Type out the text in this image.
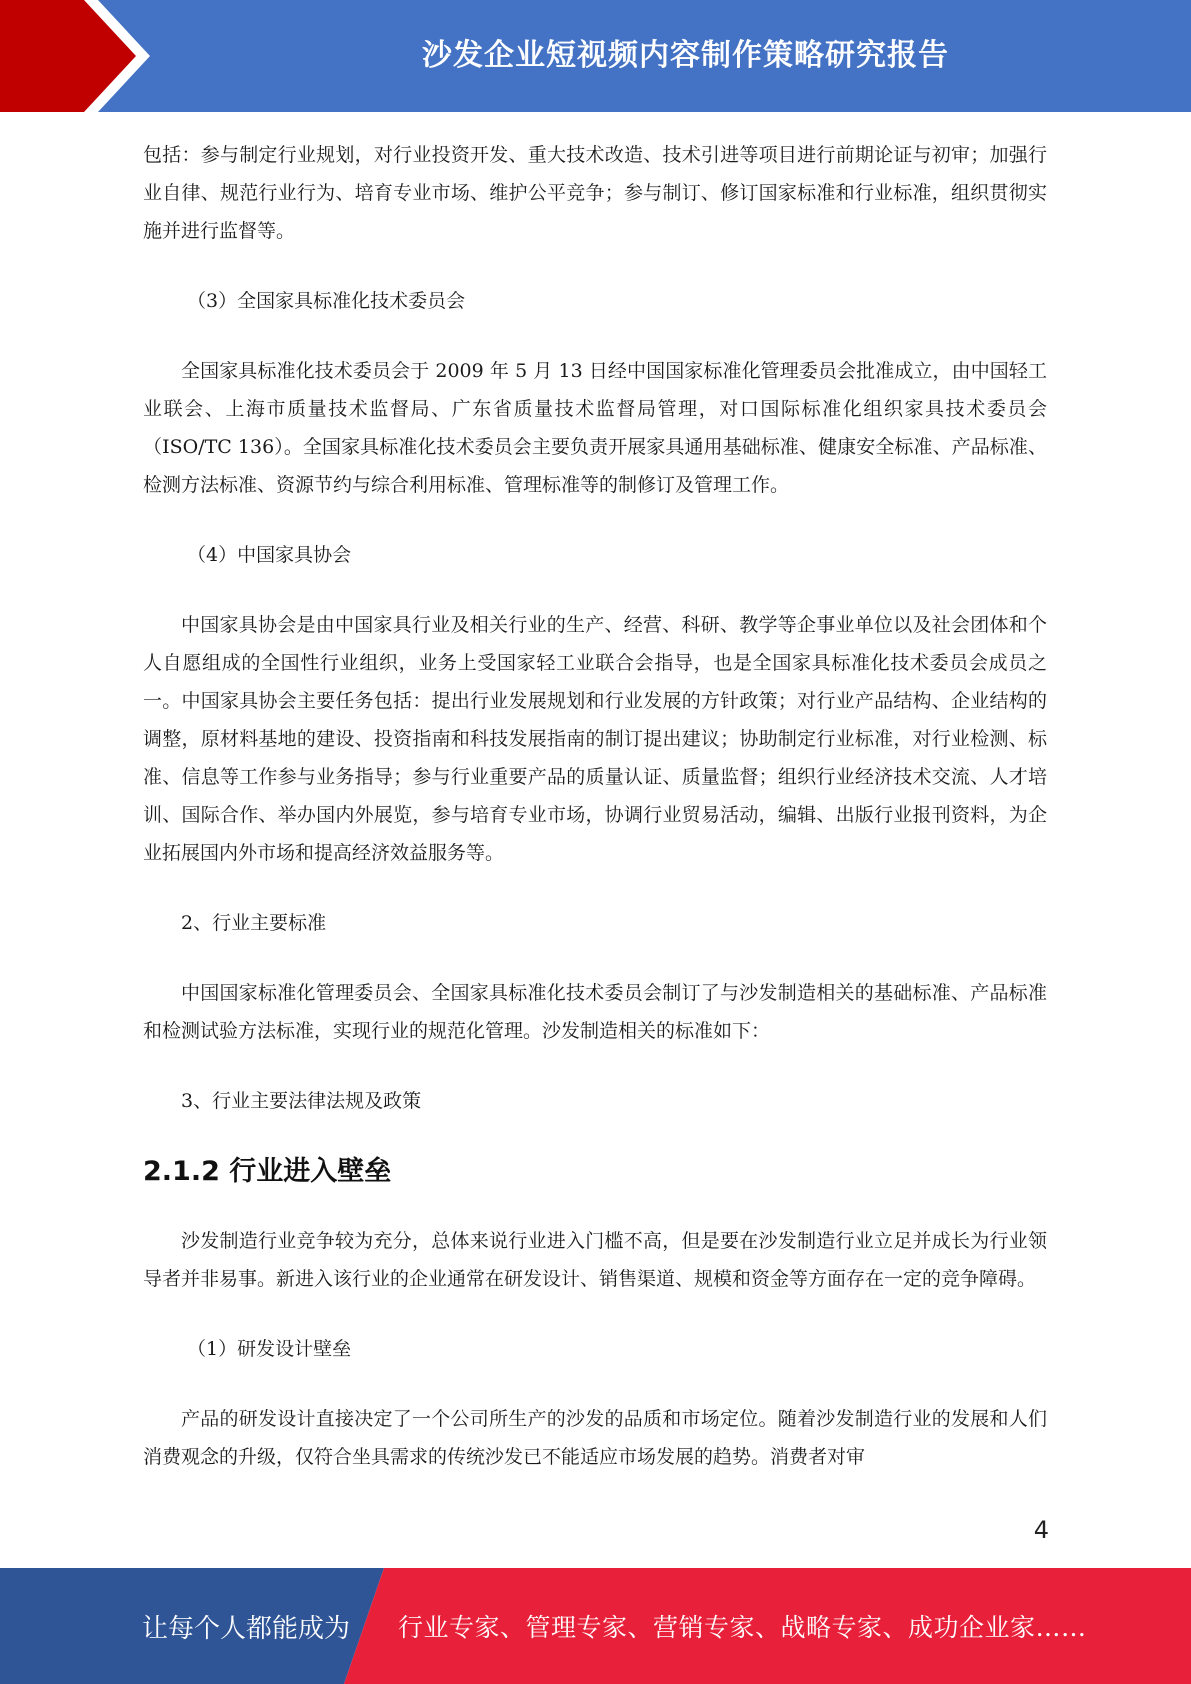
沙发企业短视频内容制作策略研究报告

包括：参与制定行业规划，对行业投资开发、重大技术改造、技术引进等项目进行前期论证与初审；加强行业自律、规范行业行为、培育专业市场、维护公平竞争；参与制订、修订国家标准和行业标准，组织贯彻实施并进行监督等。

（3）全国家具标准化技术委员会

全国家具标准化技术委员会于 2009 年 5 月 13 日经中国国家标准化管理委员会批准成立，由中国轻工业联会、上海市质量技术监督局、广东省质量技术监督局管理，对口国际标准化组织家具技术委员会（ISO/TC 136）。全国家具标准化技术委员会主要负责开展家具通用基础标准、健康安全标准、产品标准、检测方法标准、资源节约与综合利用标准、管理标准等的制修订及管理工作。

（4）中国家具协会

中国家具协会是由中国家具行业及相关行业的生产、经营、科研、教学等企事业单位以及社会团体和个人自愿组成的全国性行业组织，业务上受国家轻工业联合会指导，也是全国家具标准化技术委员会成员之一。中国家具协会主要任务包括：提出行业发展规划和行业发展的方针政策；对行业产品结构、企业结构的调整，原材料基地的建设、投资指南和科技发展指南的制订提出建议；协助制定行业标准，对行业检测、标准、信息等工作参与业务指导；参与行业重要产品的质量认证、质量监督；组织行业经济技术交流、人才培训、国际合作、举办国内外展览，参与培育专业市场，协调行业贸易活动，编辑、出版行业报刊资料，为企业拓展国内外市场和提高经济效益服务等。

2、行业主要标准

中国国家标准化管理委员会、全国家具标准化技术委员会制订了与沙发制造相关的基础标准、产品标准和检测试验方法标准，实现行业的规范化管理。沙发制造相关的标准如下：

3、行业主要法律法规及政策

2.1.2 行业进入壁垒

沙发制造行业竞争较为充分，总体来说行业进入门槛不高，但是要在沙发制造行业立足并成长为行业领导者并非易事。新进入该行业的企业通常在研发设计、销售渠道、规模和资金等方面存在一定的竞争障碍。

（1）研发设计壁垒

产品的研发设计直接决定了一个公司所生产的沙发的品质和市场定位。随着沙发制造行业的发展和人们消费观念的升级，仅符合坐具需求的传统沙发已不能适应市场发展的趋势。消费者对审

4
让每个人都能成为 行业专家、管理专家、营销专家、战略专家、成功企业家……
